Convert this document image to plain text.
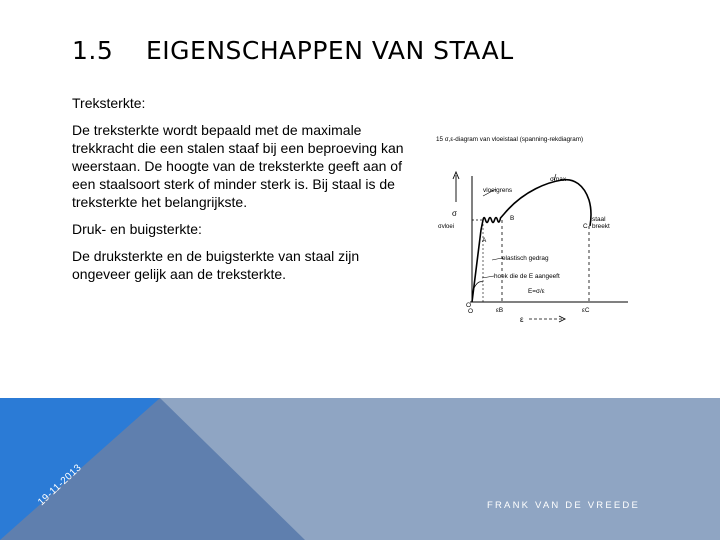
1.5 EIGENSCHAPPEN VAN STAAL

Treksterkte:

De treksterkte wordt bepaald met de maximale trekkracht die een stalen staaf bij een beproeving kan weerstaan. De hoogte van de treksterkte geeft aan of een staalsoort sterk of minder sterk is. Bij staal is de treksterkte het belangrijkste.

Druk- en buigsterkte:

De druksterkte en de buigsterkte van staal zijn ongeveer gelijk aan de treksterkte.

15 σ,ε-diagram van vloeistaal (spanning-rekdiagram)
σ
O
O
ε
σvloei
vloeigrens
σmax
staal
breekt
A
B
C
elastisch gedrag
hoek die de E aangeeft
E=σ/ε
εB	εC
19-11-2013	FRANK VAN DE VREEDE
